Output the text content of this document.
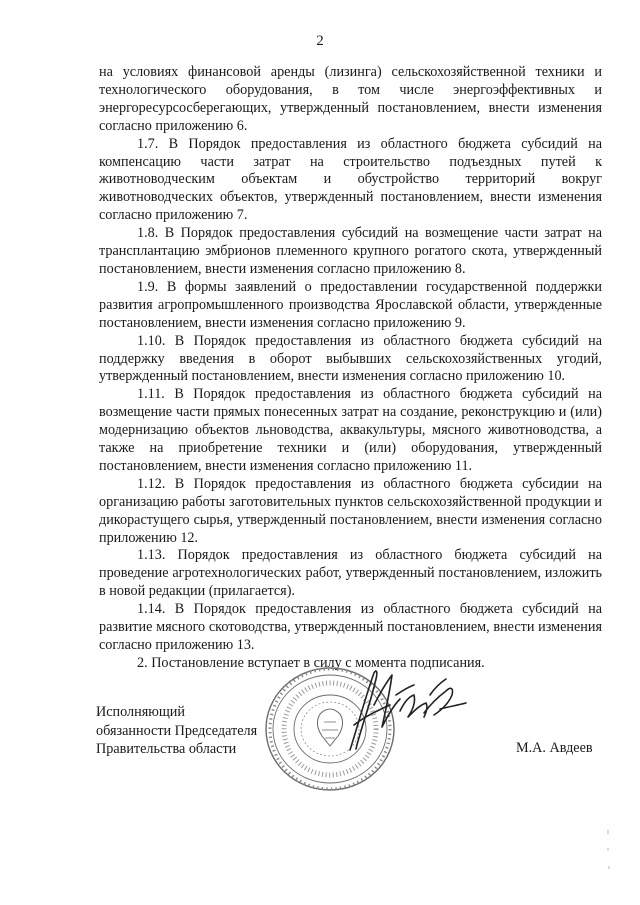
2

на условиях финансовой аренды (лизинга) сельскохозяйственной техники и технологического оборудования, в том числе энергоэффективных и энергоресурсосберегающих, утвержденный постановлением, внести изменения согласно приложению 6.

1.7. В Порядок предоставления из областного бюджета субсидий на компенсацию части затрат на строительство подъездных путей к животноводческим объектам и обустройство территорий вокруг животноводческих объектов, утвержденный постановлением, внести изменения согласно приложению 7.

1.8. В Порядок предоставления субсидий на возмещение части затрат на трансплантацию эмбрионов племенного крупного рогатого скота, утвержденный постановлением, внести изменения согласно приложению 8.

1.9. В формы заявлений о предоставлении государственной поддержки развития агропромышленного производства Ярославской области, утвержденные постановлением, внести изменения согласно приложению 9.

1.10. В Порядок предоставления из областного бюджета субсидий на поддержку введения в оборот выбывших сельскохозяйственных угодий, утвержденный постановлением, внести изменения согласно приложению 10.

1.11. В Порядок предоставления из областного бюджета субсидий на возмещение части прямых понесенных затрат на создание, реконструкцию и (или) модернизацию объектов льноводства, аквакультуры, мясного животноводства, а также на приобретение техники и (или) оборудования, утвержденный постановлением, внести изменения согласно приложению 11.

1.12. В Порядок предоставления из областного бюджета субсидии на организацию работы заготовительных пунктов сельскохозяйственной продукции и дикорастущего сырья, утвержденный постановлением, внести изменения согласно приложению 12.

1.13. Порядок предоставления из областного бюджета субсидий на проведение агротехнологических работ, утвержденный постановлением, изложить в новой редакции (прилагается).

1.14. В Порядок предоставления из областного бюджета субсидий на развитие мясного скотоводства, утвержденный постановлением, внести изменения согласно приложению 13.

2. Постановление вступает в силу с момента подписания.

Исполняющий
обязанности Председателя
Правительства области	М.А. Авдеев
